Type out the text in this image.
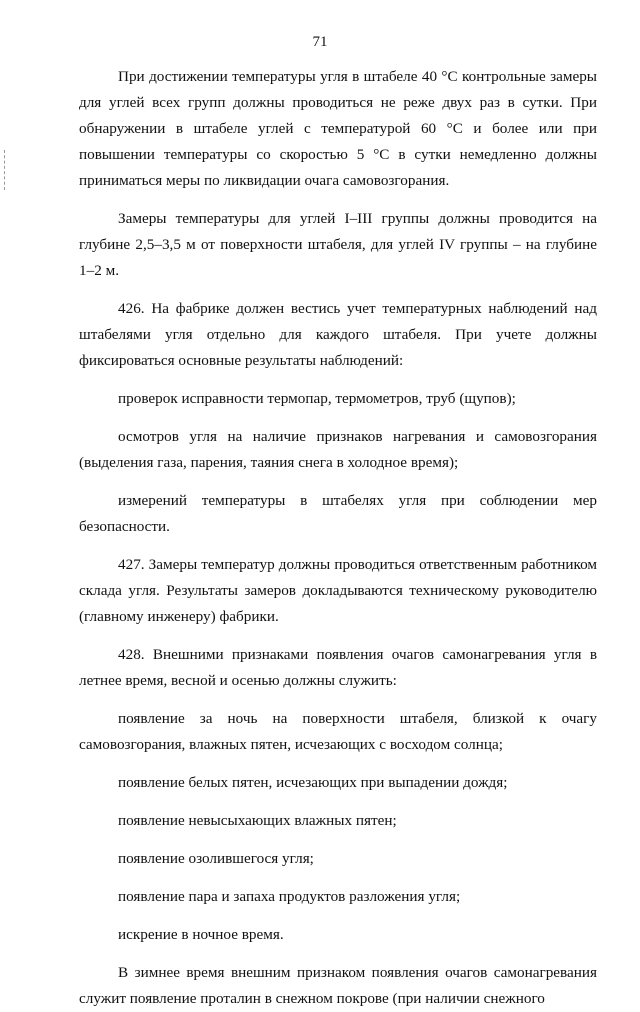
71

При достижении температуры угля в штабеле 40 °С контрольные замеры для углей всех групп должны проводиться не реже двух раз в сутки. При обнаружении в штабеле углей с температурой 60 °С и более или при повышении температуры со скоростью 5 °С в сутки немедленно должны приниматься меры по ликвидации очага самовозгорания.

Замеры температуры для углей I–III группы должны проводится на глубине 2,5–3,5 м от поверхности штабеля, для углей IV группы – на глубине 1–2 м.

426. На фабрике должен вестись учет температурных наблюдений над штабелями угля отдельно для каждого штабеля. При учете должны фиксироваться основные результаты наблюдений:

проверок исправности термопар, термометров, труб (щупов);

осмотров угля на наличие признаков нагревания и самовозгорания (выделения газа, парения, таяния снега в холодное время);

измерений температуры в штабелях угля при соблюдении мер безопасности.

427. Замеры температур должны проводиться ответственным работником склада угля. Результаты замеров докладываются техническому руководителю (главному инженеру) фабрики.

428. Внешними признаками появления очагов самонагревания угля в летнее время, весной и осенью должны служить:

появление за ночь на поверхности штабеля, близкой к очагу самовозгорания, влажных пятен, исчезающих с восходом солнца;

появление белых пятен, исчезающих при выпадении дождя;

появление невысыхающих влажных пятен;

появление озолившегося угля;

появление пара и запаха продуктов разложения угля;

искрение в ночное время.

В зимнее время внешним признаком появления очагов самонагревания служит появление проталин в снежном покрове (при наличии снежного
